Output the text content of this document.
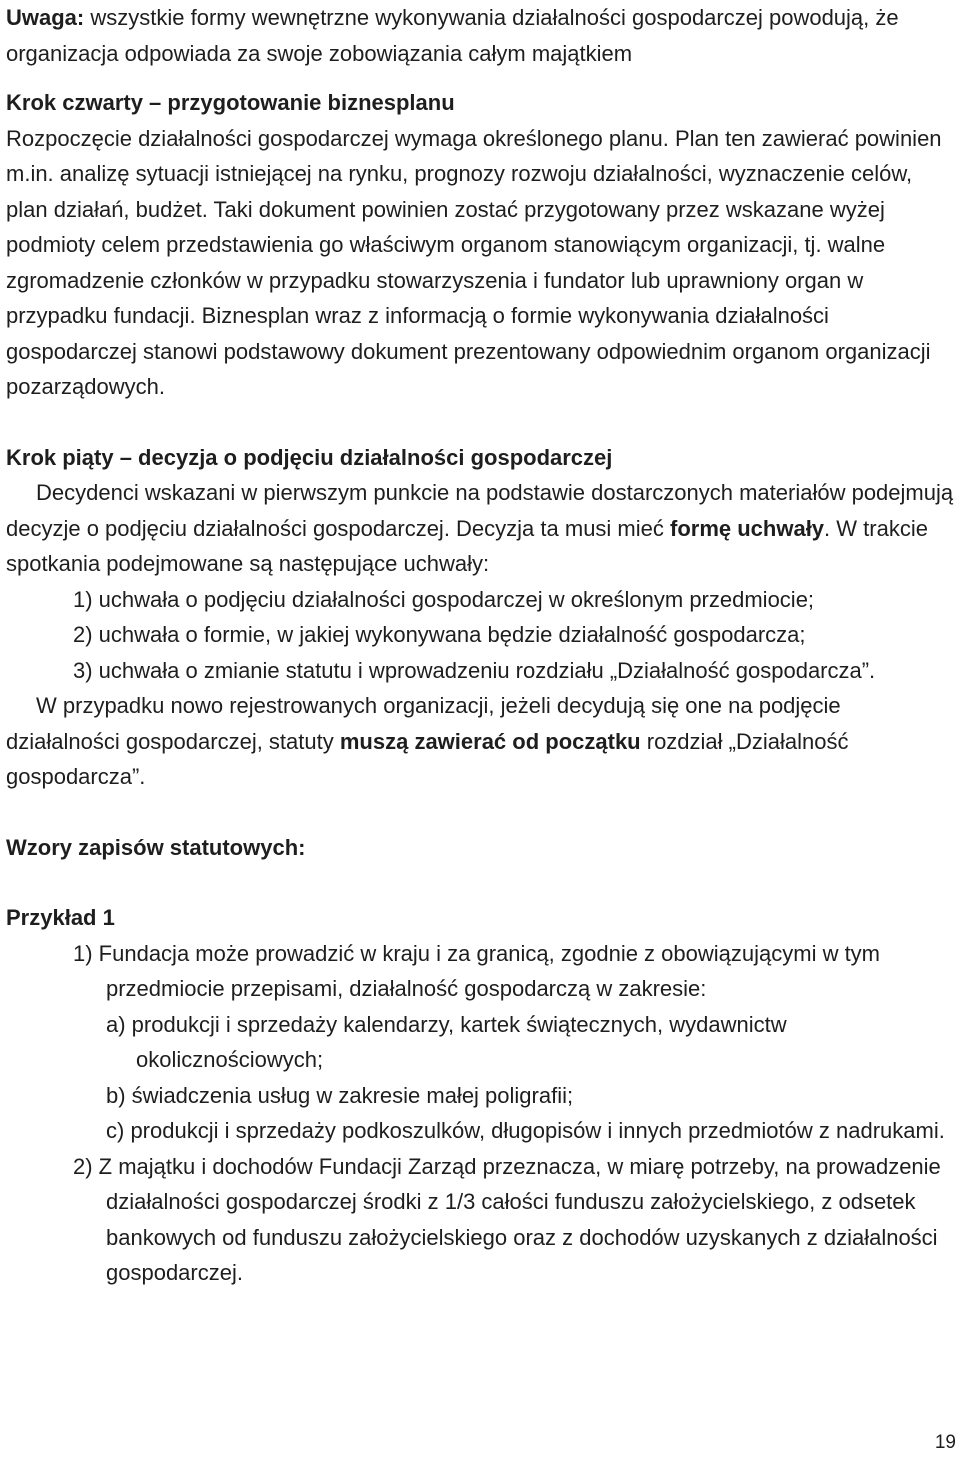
Uwaga: wszystkie formy wewnętrzne wykonywania działalności gospodarczej powodują, że organizacja odpowiada za swoje zobowiązania całym majątkiem

Krok czwarty – przygotowanie biznesplanu

Rozpoczęcie działalności gospodarczej wymaga określonego planu. Plan ten zawierać powinien m.in. analizę sytuacji istniejącej na rynku, prognozy rozwoju działalności, wyznaczenie celów, plan działań, budżet. Taki dokument powinien zostać przygotowany przez wskazane wyżej podmioty celem przedstawienia go właściwym organom stanowiącym organizacji, tj. walne zgromadzenie członków w przypadku stowarzyszenia i fundator lub uprawniony organ w przypadku fundacji. Biznesplan wraz z informacją o formie wykonywania działalności gospodarczej stanowi podstawowy dokument prezentowany odpowiednim organom organizacji pozarządowych.

Krok piąty – decyzja o podjęciu działalności gospodarczej

Decydenci wskazani w pierwszym punkcie na podstawie dostarczonych materiałów podejmują decyzje o podjęciu działalności gospodarczej. Decyzja ta musi mieć formę uchwały. W trakcie spotkania podejmowane są następujące uchwały:

1) uchwała o podjęciu działalności gospodarczej w określonym przedmiocie;
2) uchwała o formie, w jakiej wykonywana będzie działalność gospodarcza;
3) uchwała o zmianie statutu i wprowadzeniu rozdziału „Działalność gospodarcza”.

W przypadku nowo rejestrowanych organizacji, jeżeli decydują się one na podjęcie działalności gospodarczej, statuty muszą zawierać od początku rozdział „Działalność gospodarcza”.

Wzory zapisów statutowych:

Przykład 1

1) Fundacja może prowadzić w kraju i za granicą, zgodnie z obowiązującymi w tym przedmiocie przepisami, działalność gospodarczą w zakresie:
a) produkcji i sprzedaży kalendarzy, kartek świątecznych, wydawnictw okolicznościowych;
b) świadczenia usług w zakresie małej poligrafii;
c) produkcji i sprzedaży podkoszulków, długopisów i innych przedmiotów z nadrukami.
2) Z majątku i dochodów Fundacji Zarząd przeznacza, w miarę potrzeby, na prowadzenie działalności gospodarczej środki z 1/3 całości funduszu założycielskiego, z odsetek bankowych od funduszu założycielskiego oraz z dochodów uzyskanych z działalności gospodarczej.
19
